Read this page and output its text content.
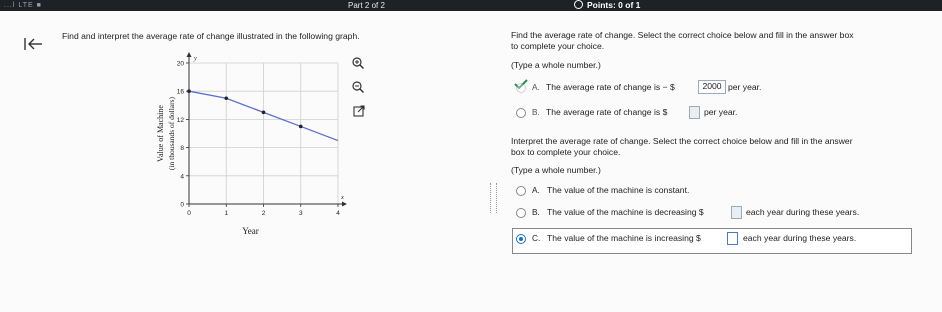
...l LTE ■	Part 2 of 2	Points: 0 of 1
Find and interpret the average rate of change illustrated in the following graph.
0	1	2	3	4
0
4
8
12
16
20
x
y
Year
Value of Machine (in thousands of dollars)
Find the average rate of change. Select the correct choice below and fill in the answer box
to complete your choice.
(Type a whole number.)
A. The average rate of change is − $	2000 per year.
B. The average rate of change is $	per year.
Interpret the average rate of change. Select the correct choice below and fill in the answer
box to complete your choice.
(Type a whole number.)
A. The value of the machine is constant.
B. The value of the machine is decreasing $	each year during these years.
C. The value of the machine is increasing $	each year during these years.
